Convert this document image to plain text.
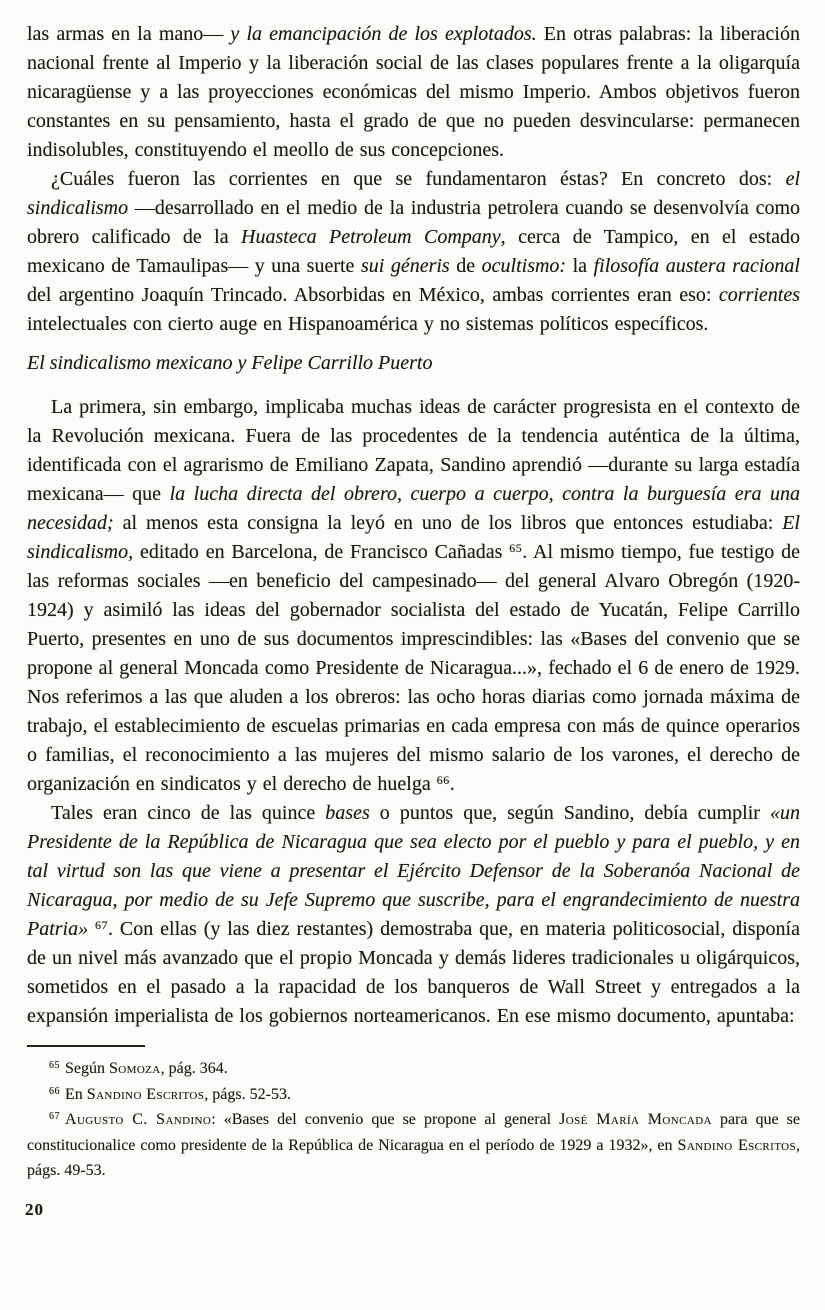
las armas en la mano— y la emancipación de los explotados. En otras palabras: la liberación nacional frente al Imperio y la liberación social de las clases populares frente a la oligarquía nicaragüense y a las proyecciones económicas del mismo Imperio. Ambos objetivos fueron constantes en su pensamiento, hasta el grado de que no pueden desvincularse: permanecen indisolubles, constituyendo el meollo de sus concepciones.

¿Cuáles fueron las corrientes en que se fundamentaron éstas? En concreto dos: el sindicalismo —desarrollado en el medio de la industria petrolera cuando se desenvolvía como obrero calificado de la Huasteca Petroleum Company, cerca de Tampico, en el estado mexicano de Tamaulipas— y una suerte sui géneris de ocultismo: la filosofía austera racional del argentino Joaquín Trincado. Absorbidas en México, ambas corrientes eran eso: corrientes intelectuales con cierto auge en Hispanoamérica y no sistemas políticos específicos.

El sindicalismo mexicano y Felipe Carrillo Puerto

La primera, sin embargo, implicaba muchas ideas de carácter progresista en el contexto de la Revolución mexicana. Fuera de las procedentes de la tendencia auténtica de la última, identificada con el agrarismo de Emiliano Zapata, Sandino aprendió —durante su larga estadía mexicana— que la lucha directa del obrero, cuerpo a cuerpo, contra la burguesía era una necesidad; al menos esta consigna la leyó en uno de los libros que entonces estudiaba: El sindicalismo, editado en Barcelona, de Francisco Cañadas $^{65}$. Al mismo tiempo, fue testigo de las reformas sociales —en beneficio del campesinado— del general Alvaro Obregón (1920-1924) y asimiló las ideas del gobernador socialista del estado de Yucatán, Felipe Carrillo Puerto, presentes en uno de sus documentos imprescindibles: las «Bases del convenio que se propone al general Moncada como Presidente de Nicaragua...», fechado el 6 de enero de 1929. Nos referimos a las que aluden a los obreros: las ocho horas diarias como jornada máxima de trabajo, el establecimiento de escuelas primarias en cada empresa con más de quince operarios o familias, el reconocimiento a las mujeres del mismo salario de los varones, el derecho de organización en sindicatos y el derecho de huelga $^{66}$.

Tales eran cinco de las quince bases o puntos que, según Sandino, debía cumplir «un Presidente de la República de Nicaragua que sea electo por el pueblo y para el pueblo, y en tal virtud son las que viene a presentar el Ejército Defensor de la Soberanóa Nacional de Nicaragua, por medio de su Jefe Supremo que suscribe, para el engrandecimiento de nuestra Patria» $^{67}$. Con ellas (y las diez restantes) demostraba que, en materia politicosocial, disponía de un nivel más avanzado que el propio Moncada y demás lideres tradicionales u oligárquicos, sometidos en el pasado a la rapacidad de los banqueros de Wall Street y entregados a la expansión imperialista de los gobiernos norteamericanos. En ese mismo documento, apuntaba:

$^{65}$ Según Somoza, pág. 364.

$^{66}$ En Sandino Escritos, págs. 52-53.

$^{67}$ Augusto C. Sandino: «Bases del convenio que se propone al general José María Moncada para que se constitucionalice como presidente de la República de Nicaragua en el período de 1929 a 1932», en Sandino Escritos, págs. 49-53.

20
